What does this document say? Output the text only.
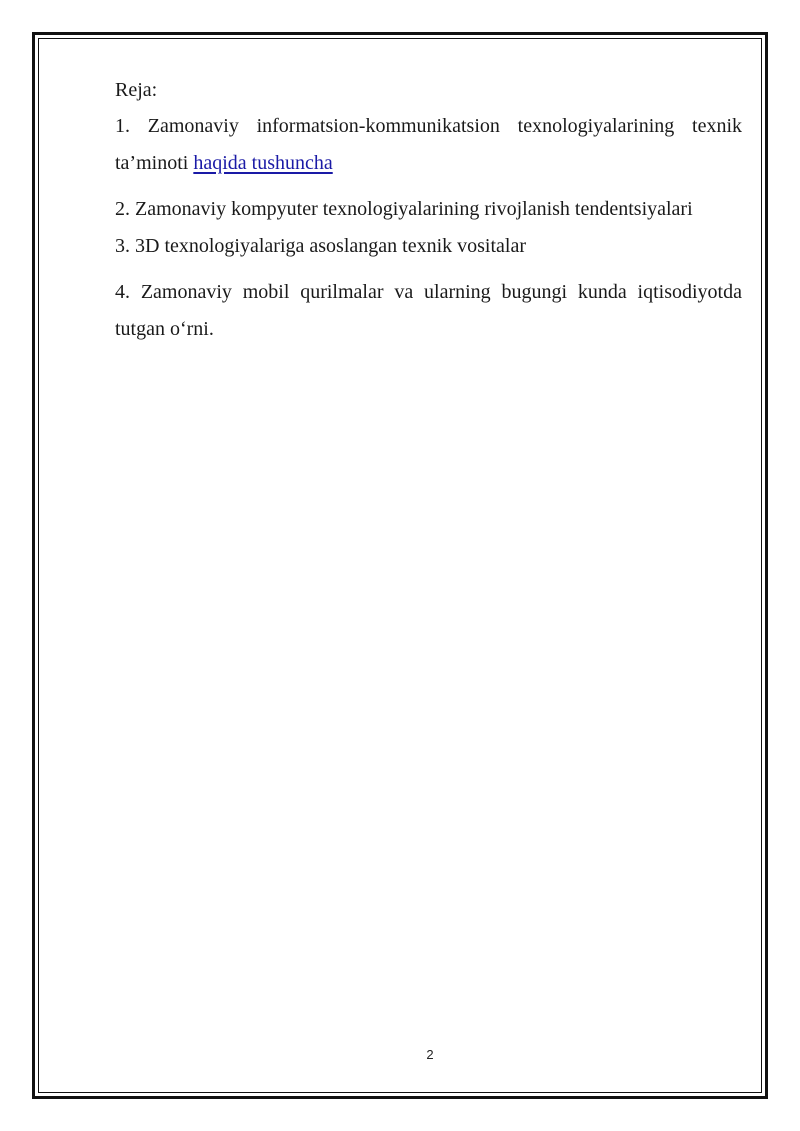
Reja:

1. Zamonaviy informatsion-kommunikatsion texnologiyalarining texnik ta’minoti haqida tushuncha

2. Zamonaviy kompyuter texnologiyalarining rivojlanish tendentsiyalari

3. 3D texnologiyalariga asoslangan texnik vositalar

4. Zamonaviy mobil qurilmalar va ularning bugungi kunda iqtisodiyotda tutgan o‘rni.

2
